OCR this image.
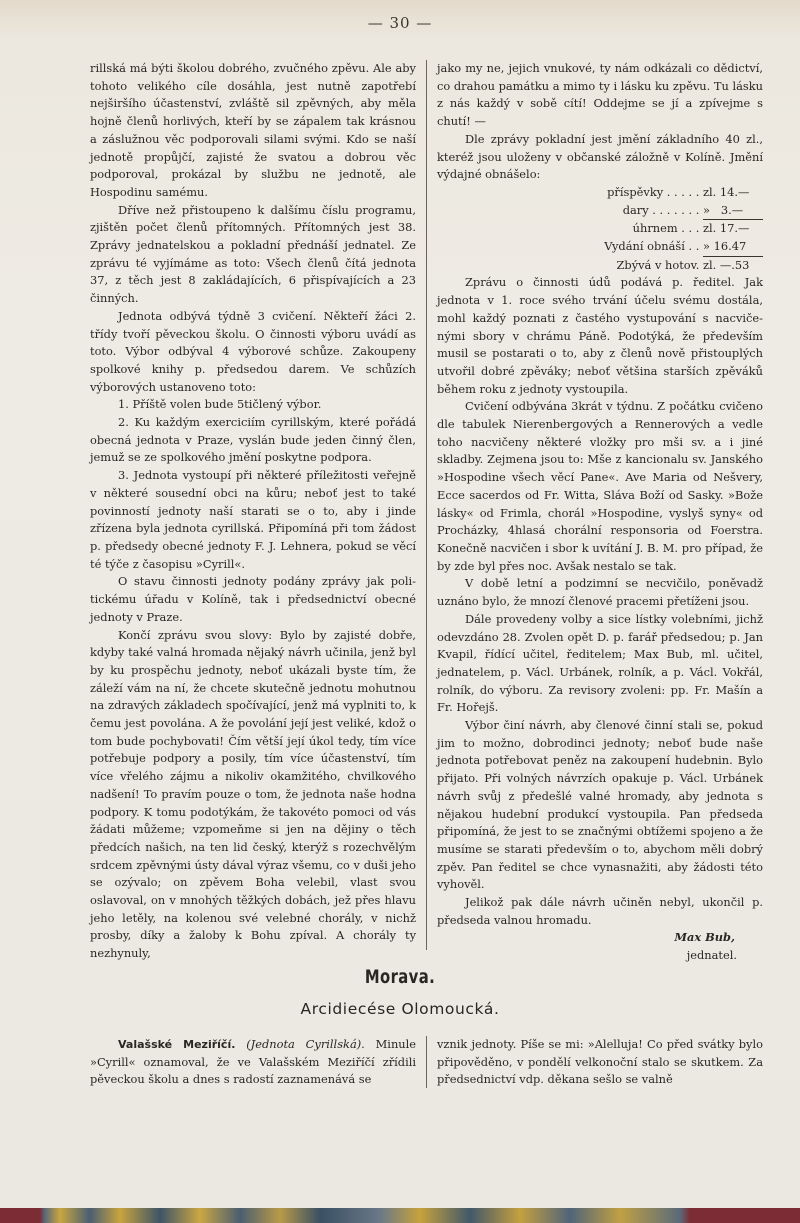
— 30 —

rillská má býti školou dobrého, zvučného zpěvu. Ale aby tohoto velikého cíle dosáhla, jest nutně zapotřebí nejširšího účastenství, zvláště sil zpěvných, aby měla hojně členů horlivých, kteří by se zápalem tak krásnou a záslužnou věc podporovali silami svými. Kdo se naší jednotě propůjčí, zajisté že svatou a dobrou věc podporoval, prokázal by službu ne jednotě, ale Hospodinu samému.

Dříve než přistoupeno k dalšímu číslu programu, zjištěn počet členů přítomných. Přítomných jest 38. Zprávy jednatelskou a pokladní přednáší jednatel. Ze zprávu té vyjímáme as toto: Všech členů čítá jednota 37, z těch jest 8 zakládajících, 6 přispívajících a 23 činných.

Jednota odbývá týdně 3 cvičení. Někteří žáci 2. třídy tvoří pěveckou školu. O činnosti výboru uvádí as toto. Výbor odbýval 4 výborové schůze. Zakoupeny spolkové knihy p. předsedou darem. Ve schůzích výborových ustanoveno toto:

1. Příště volen bude 5tičlený výbor.

2. Ku každým exerciciím cyrillským, které pořádá obecná jednota v Praze, vyslán bude jeden činný člen, jemuž se ze spolkového jmění poskytne podpora.

3. Jednota vystoupí při některé příležitosti veřejně v některé sousední obci na kůru; neboť jest to také povinností jednoty naší starati se o to, aby i jinde zřízena byla jednota cyrillská. Připomíná při tom žádost p. předsedy obecné jednoty F. J. Lehnera, pokud se věcí té týče z časopisu »Cyrill«.

O stavu činnosti jednoty podány zprávy jak politickému úřadu v Kolíně, tak i předsednictví obecné jednoty v Praze.

Končí zprávu svou slovy: Bylo by zajisté dobře, kdyby také valná hromada nějaký návrh učinila, jenž byl by ku prospěchu jednoty, neboť ukázali byste tím, že záleží vám na ní, že chcete skutečně jednotu mohutnou na zdravých základech spočívající, jenž má vyplniti to, k čemu jest povolána. A že povolání její jest veliké, kdož o tom bude pochybovati! Čím větší její úkol tedy, tím více potřebuje podpory a posily, tím více účastenství, tím více vřelého zájmu a nikoliv okamžitého, chvilkového nadšení! To pravím pouze o tom, že jednota naše hodna podpory. K tomu podotýkám, že takovéto pomoci od vás žádati můžeme; vzpomeňme si jen na dějiny o těch předcích našich, na ten lid český, kterýž s rozechvělým srdcem zpěvnými ústy dával výraz všemu, co v duši jeho se ozývalo; on zpěvem Boha velebil, vlast svou oslavoval, on v mnohých těžkých dobách, jež přes hlavu jeho letěly, na kolenou své velebné chorály, v nichž prosby, díky a žaloby k Bohu zpíval. A chorály ty nezhynuly,

jako my ne, jejich vnukové, ty nám odkázali co dědictví, co drahou památku a mimo ty i lásku ku zpěvu. Tu lásku z nás každý v sobě cítí! Oddejme se jí a zpívejme s chutí! —

Dle zprávy pokladní jest jmění základního 40 zl., kteréž jsou uloženy v občanské záložně v Kolíně. Jmění výdajné obnášelo:

příspěvky . . . . .
zl. 14.—
dary . . . . . . .
» 3.—
úhrnem . . .
zl. 17.—
Vydání obnáší . .
» 16.47
Zbývá v hotov.
zl. —.53

Zprávu o činnosti údů podává p. ředitel. Jak jednota v 1. roce svého trvání účelu svému dostála, mohl každý poznati z častého vystupování s nacvičenými sbory v chrámu Páně. Podotýká, že především musil se postarati o to, aby z členů nově přistouplých utvořil dobré zpěváky; neboť většina starších zpěváků během roku z jednoty vystoupila.

Cvičení odbývána 3krát v týdnu. Z počátku cvičeno dle tabulek Nierenbergových a Rennerových a vedle toho nacvičeny některé vložky pro mši sv. a i jiné skladby. Zejmena jsou to: Mše z kancionalu sv. Janského »Hospodine všech věcí Pane«. Ave Maria od Nešvery, Ecce sacerdos od Fr. Witta, Sláva Boží od Sasky. »Bože lásky« od Frimla, chorál »Hospodine, vyslyš syny« od Procházky, 4hlasá chorální responsoria od Foerstra. Konečně nacvičen i sbor k uvítání J. B. M. pro případ, že by zde byl přes noc. Avšak nestalo se tak.

V době letní a podzimní se necvičilo, poněvadž uznáno bylo, že mnozí členové pracemi přetíženi jsou.

Dále provedeny volby a sice lístky volebními, jichž odevzdáno 28. Zvolen opět D. p. farář předsedou; p. Jan Kvapil, řídící učitel, ředitelem; Max Bub, ml. učitel, jednatelem, p. Václ. Urbánek, rolník, a p. Václ. Vokřál, rolník, do výboru. Za revisory zvoleni: pp. Fr. Mašín a Fr. Hořejš.

Výbor činí návrh, aby členové činní stali se, pokud jim to možno, dobrodinci jednoty; neboť bude naše jednota potřebovat peněz na zakoupení hudebnin. Bylo přijato. Při volných návrzích opakuje p. Václ. Urbánek návrh svůj z předešlé valné hromady, aby jednota s nějakou hudební produkcí vystoupila. Pan předseda připomíná, že jest to se značnými obtížemi spojeno a že musíme se starati především o to, abychom měli dobrý zpěv. Pan ředitel se chce vynasnažiti, aby žádosti této vyhověl.

Jelikož pak dále návrh učiněn nebyl, ukončil p. předseda valnou hromadu.

Max Bub,

jednatel.

Morava.
Arcidiecése Olomoucká.

Valašské Meziříčí. (Jednota Cyrillská). Minule »Cyrill« oznamoval, že ve Valašském Meziříčí zřídili pěveckou školu a dnes s radostí zaznamenává se

vznik jednoty. Píše se mi: »Alelluja! Co před svátky bylo připověděno, v pondělí velkonoční stalo se skutkem. Za předsednictví vdp. děkana sešlo se valně
